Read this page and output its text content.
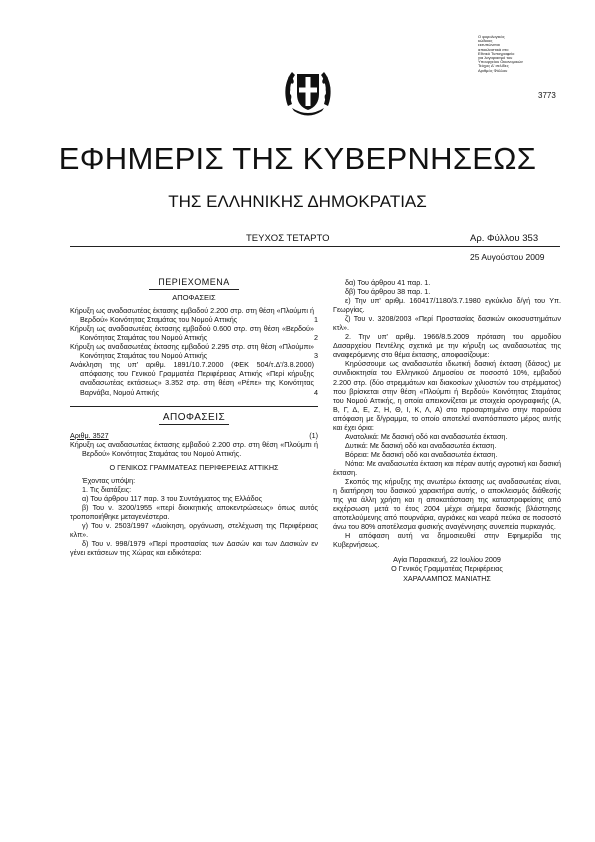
Ο φορολογικός
κώδικας
εκτυπώνεται
αποκλειστικά στο
Εθνικό Τυπογραφείο
για λογαριασμό του
Υπουργείου Οικονομικών
Τεύχος Δ' σελίδες
Αριθμός Φύλλου
3773
ΕΦΗΜΕΡΙΣ ΤΗΣ ΚΥΒΕΡΝΗΣΕΩΣ
ΤΗΣ ΕΛΛΗΝΙΚΗΣ ΔΗΜΟΚΡΑΤΙΑΣ
ΤΕΥΧΟΣ ΤΕΤΑΡΤΟ	Αρ. Φύλλου 353
25 Αυγούστου 2009
ΠΕΡΙΕΧΟΜΕΝΑ
ΑΠΟΦΑΣΕΙΣ

Κήρυξη ως αναδασωτέας έκτασης εμβαδού 2.200 στρ. στη θέση «Πλούμπι ή Βερδού» Κοινότητας Σταμάτας του Νομού Αττικής	1

Κήρυξη ως αναδασωτέας έκτασης εμβαδού 0.600 στρ. στη θέση «Βερδού» Κοινότητας Σταμάτας του Νομού Αττικής	2

Κήρυξη ως αναδασωτέας έκτασης εμβαδού 2.295 στρ. στη θέση «Πλούμπι» Κοινότητας Σταμάτας του Νομού Αττικής	3

Ανάκληση της υπ' αριθμ. 1891/10.7.2000 (ΦΕΚ 504/τ.Δ'/3.8.2000) απόφασης του Γενικού Γραμματέα Περιφέρειας Αττικής «Περί κήρυξης αναδασωτέας εκτάσεως» 3.352 στρ. στη θέση «Ρέπε» της Κοινότητας Βαρνάβα, Νομού Αττικής	4
ΑΠΟΦΑΣΕΙΣ
Αριθμ. 3527	(1)

Κήρυξη ως αναδασωτέας έκτασης εμβαδού 2.200 στρ. στη θέση «Πλούμπι ή Βερδού» Κοινότητας Σταμάτας του Νομού Αττικής.

Ο ΓΕΝΙΚΟΣ ΓΡΑΜΜΑΤΕΑΣ ΠΕΡΙΦΕΡΕΙΑΣ ΑΤΤΙΚΗΣ

Έχοντας υπόψη:

1. Τις διατάξεις:

α) Του άρθρου 117 παρ. 3 του Συντάγματος της Ελλάδος

β) Του ν. 3200/1955 «περί διοικητικής αποκεντρώσεως» όπως αυτός τροποποιήθηκε μεταγενέστερα.

γ) Του ν. 2503/1997 «Διοίκηση, οργάνωση, στελέχωση της Περιφέρειας κλπ».

δ) Του ν. 998/1979 «Περί προστασίας των Δασών και των Δασικών εν γένει εκτάσεων της Χώρας και ειδικότερα:

δα) Του άρθρου 41 παρ. 1.

δβ) Του άρθρου 38 παρ. 1.

ε) Την υπ' αριθμ. 160417/1180/3.7.1980 εγκύκλιο δ/γή του Υπ. Γεωργίας.

ζ) Του ν. 3208/2003 «Περί Προστασίας δασικών οικοσυστημάτων κτλ».

2. Την υπ' αριθμ. 1966/8.5.2009 πρόταση του αρμοδίου Δασαρχείου Πεντέλης σχετικά με την κήρυξη ως αναδασωτέας της αναφερόμενης στο θέμα έκτασης, αποφασίζουμε:

Κηρύσσουμε ως αναδασωτέα ιδιωτική δασική έκταση (δάσος) με συνιδιοκτησία του Ελληνικού Δημοσίου σε ποσοστό 10%, εμβαδού 2.200 στρ. (δύο στρεμμάτων και διακοσίων χιλιοστών του στρέμματος) που βρίσκεται στην θέση «Πλούμπι ή Βερδού» Κοινότητας Σταμάτας του Νομού Αττικής, η οποία απεικονίζεται με στοιχεία ορογραφικής (Α, Β, Γ, Δ, Ε, Ζ, Η, Θ, Ι, Κ, Λ, Α) στο προσαρτημένο στην παρούσα απόφαση με δ/γραμμα, το οποίο αποτελεί αναπόσπαστο μέρος αυτής και έχει όρια:

Ανατολικά: Με δασική οδό και αναδασωτέα έκταση.

Δυτικά: Με δασική οδό και αναδασωτέα έκταση.

Βόρεια: Με δασική οδό και αναδασωτέα έκταση.

Νότια: Με αναδασωτέα έκταση και πέραν αυτής αγροτική και δασική έκταση.

Σκοπός της κήρυξης της ανωτέρω έκτασης ως αναδασωτέας είναι, η διατήρηση του δασικού χαρακτήρα αυτής, ο αποκλεισμός διάθεσής της για άλλη χρήση και η αποκατάσταση της καταστραφείσης από εκχέρσωση μετά το έτος 2004 μέχρι σήμερα δασικής βλάστησης αποτελούμενης από πουρνάρια, αγριάκες και νεαρά πεύκα σε ποσοστό άνω του 80% αποτέλεσμα φυσικής αναγέννησης συνεπεία πυρκαγιάς.

Η απόφαση αυτή να δημοσιευθεί στην Εφημερίδα της Κυβερνήσεως.

Αγία Παρασκευή, 22 Ιουλίου 2009

Ο Γενικός Γραμματέας Περιφέρειας

ΧΑΡΑΛΑΜΠΟΣ ΜΑΝΙΑΤΗΣ
